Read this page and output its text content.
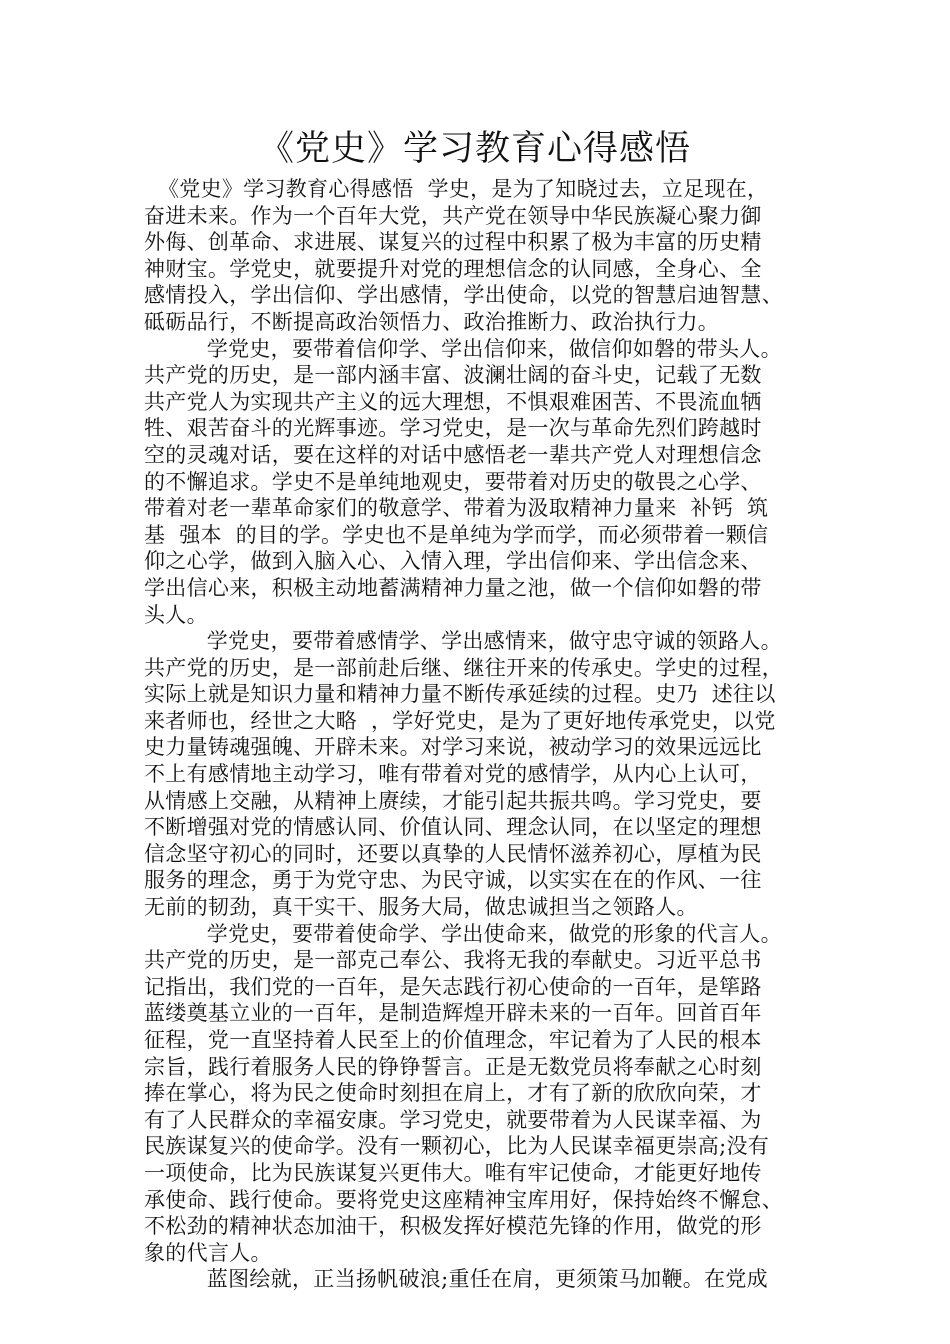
《党史》学习教育心得感悟
《党史》学习教育心得感悟  学史，是为了知晓过去，立足现在，
奋进未来。作为一个百年大党，共产党在领导中华民族凝心聚力御
外侮、创革命、求进展、谋复兴的过程中积累了极为丰富的历史精
神财宝。学党史，就要提升对党的理想信念的认同感，全身心、全
感情投入，学出信仰、学出感情，学出使命，以党的智慧启迪智慧、
砥砺品行，不断提高政治领悟力、政治推断力、政治执行力。
学党史，要带着信仰学、学出信仰来，做信仰如磐的带头人。
共产党的历史，是一部内涵丰富、波澜壮阔的奋斗史，记载了无数
共产党人为实现共产主义的远大理想，不惧艰难困苦、不畏流血牺
牲、艰苦奋斗的光辉事迹。学习党史，是一次与革命先烈们跨越时
空的灵魂对话，要在这样的对话中感悟老一辈共产党人对理想信念
的不懈追求。学史不是单纯地观史，要带着对历史的敬畏之心学、
带着对老一辈革命家们的敬意学、带着为汲取精神力量来  补钙  筑
基  强本  的目的学。学史也不是单纯为学而学，而必须带着一颗信
仰之心学，做到入脑入心、入情入理，学出信仰来、学出信念来、
学出信心来，积极主动地蓄满精神力量之池，做一个信仰如磐的带
头人。
学党史，要带着感情学、学出感情来，做守忠守诚的领路人。
共产党的历史，是一部前赴后继、继往开来的传承史。学史的过程，
实际上就是知识力量和精神力量不断传承延续的过程。史乃  述往以
来者师也，经世之大略  ，学好党史，是为了更好地传承党史，以党
史力量铸魂强魄、开辟未来。对学习来说，被动学习的效果远远比
不上有感情地主动学习，唯有带着对党的感情学，从内心上认可，
从情感上交融，从精神上赓续，才能引起共振共鸣。学习党史，要
不断增强对党的情感认同、价值认同、理念认同，在以坚定的理想
信念坚守初心的同时，还要以真挚的人民情怀滋养初心，厚植为民
服务的理念，勇于为党守忠、为民守诚，以实实在在的作风、一往
无前的韧劲，真干实干、服务大局，做忠诚担当之领路人。
学党史，要带着使命学、学出使命来，做党的形象的代言人。
共产党的历史，是一部克己奉公、我将无我的奉献史。习近平总书
记指出，我们党的一百年，是矢志践行初心使命的一百年，是筚路
蓝缕奠基立业的一百年，是制造辉煌开辟未来的一百年。回首百年
征程，党一直坚持着人民至上的价值理念，牢记着为了人民的根本
宗旨，践行着服务人民的铮铮誓言。正是无数党员将奉献之心时刻
捧在掌心，将为民之使命时刻担在肩上，才有了新的欣欣向荣，才
有了人民群众的幸福安康。学习党史，就要带着为人民谋幸福、为
民族谋复兴的使命学。没有一颗初心，比为人民谋幸福更崇高;没有
一项使命，比为民族谋复兴更伟大。唯有牢记使命，才能更好地传
承使命、践行使命。要将党史这座精神宝库用好，保持始终不懈怠、
不松劲的精神状态加油干，积极发挥好模范先锋的作用，做党的形
象的代言人。
蓝图绘就，正当扬帆破浪;重任在肩，更须策马加鞭。在党成
